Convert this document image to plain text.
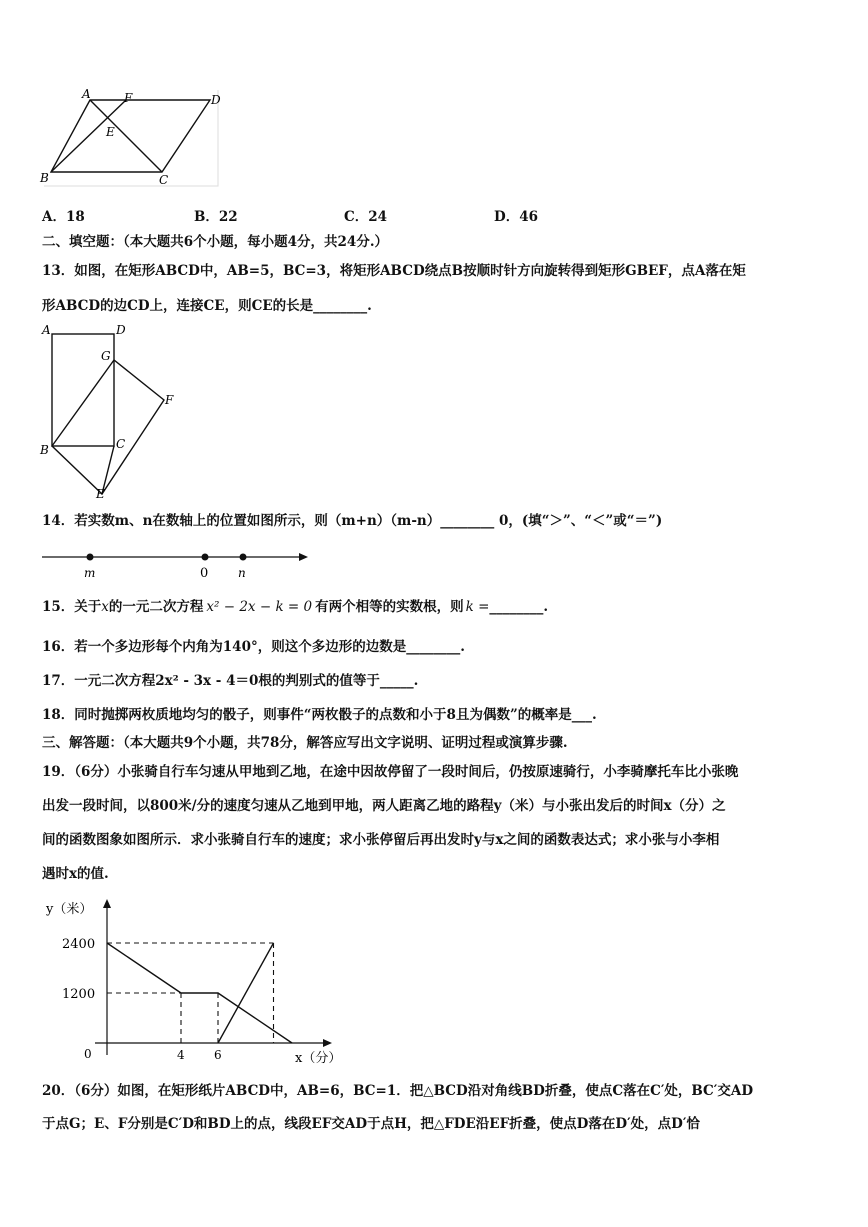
A	F	D
E
B	C
A．18	B．22	C．24	D．46
二、填空题：（本大题共6个小题，每小题4分，共24分.）
13．如图，在矩形ABCD中，AB=5，BC=3，将矩形ABCD绕点B按顺时针方向旋转得到矩形GBEF，点A落在矩
形ABCD的边CD上，连接CE，则CE的长是________.
A	D
G
F
B	C
E
14．若实数m、n在数轴上的位置如图所示，则（m+n）（m-n）________ 0，(填“＞”、“＜”或“＝”)
m	0 n
15．关于x的一元二次方程 x² − 2x − k = 0 有两个相等的实数根，则 k =________.
16．若一个多边形每个内角为140°，则这个多边形的边数是________.
17．一元二次方程2x² - 3x - 4＝0根的判别式的值等于_____.
18．同时抛掷两枚质地均匀的骰子，则事件“两枚骰子的点数和小于8且为偶数”的概率是___.
三、解答题：（本大题共9个小题，共78分，解答应写出文字说明、证明过程或演算步骤.
19．（6分）小张骑自行车匀速从甲地到乙地，在途中因故停留了一段时间后，仍按原速骑行，小李骑摩托车比小张晚
出发一段时间，以800米/分的速度匀速从乙地到甲地，两人距离乙地的路程y（米）与小张出发后的时间x（分）之
间的函数图象如图所示．求小张骑自行车的速度；求小张停留后再出发时y与x之间的函数表达式；求小张与小李相
遇时x的值.
y（米）
x（分）
0
1200
2400
4 6
20．（6分）如图，在矩形纸片ABCD中，AB=6，BC=1．把△BCD沿对角线BD折叠，使点C落在C′处，BC′交AD
于点G；E、F分别是C′D和BD上的点，线段EF交AD于点H，把△FDE沿EF折叠，使点D落在D′处，点D′恰
